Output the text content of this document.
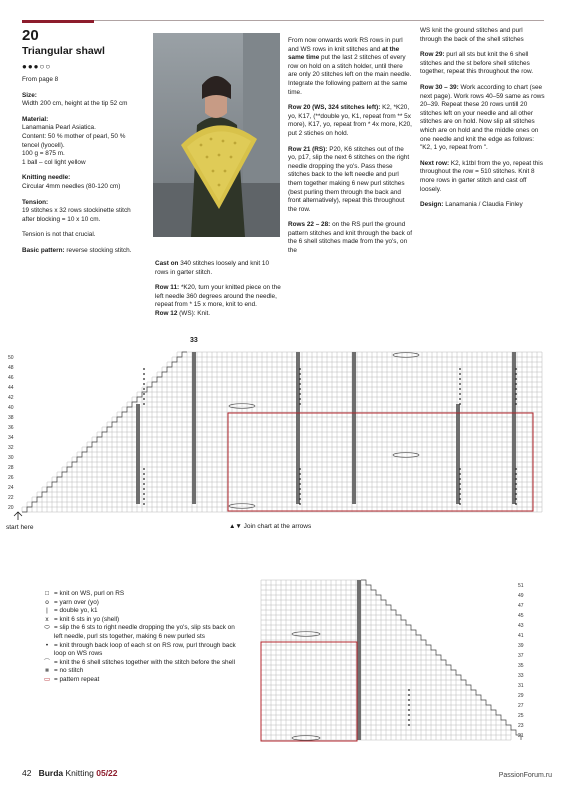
20
Triangular shawl
●●●○○

From page 8

Size:

Width 200 cm, height at the tip 52 cm

Material:
Lanamania Pearl Asiatica.
Content: 50 % mother of pearl, 50 % tencel (lyocell).
100 g = 875 m.

1 ball – col light yellow

Knitting needle:

Circular 4mm needles (80-120 cm)

Tension:

19 stitches x 32 rows stockinette stitch after blocking = 10 x 10 cm.

Tension is not that crucial.

Basic pattern: reverse stocking stitch.

Cast on 340 stitches loosely and knit 10 rows in garter stitch.

Row 11: *K20, turn your knitted piece on the left needle 360 degrees around the needle, repeat from * 15 x more, knit to end.
Row 12 (WS): Knit.

From now onwards work RS rows in purl and WS rows in knit stitches and at the same time put the last 2 stitches of every row on hold on a stitch holder, until there are only 20 stitches left on the main needle. Integrate the following pattern at the same time.

Row 20 (WS, 324 stitches left): K2, *K20, yo, K17, (**double yo, K1, repeat from ** 5x more), K17, yo, repeat from * 4x more, K20, put 2 stiches on hold.

Row 21 (RS): P20, K6 stitches out of the yo, p17, slip the next 6 stitches on the right needle dropping the yo's. Pass these stitches back to the left needle and purl them together making 6 new purl stitches (best purling them through the back and front alternatively), repeat this throughout the row.

Rows 22 – 28: on the RS purl the ground pattern stitches and knit through the back of the 6 shell stitches made from the yo's, on the

WS knit the ground stitches and purl through the back of the shell stitches

Row 29: purl all sts but knit the 6 shell stitches and the st before shell stitches together, repeat this throughout the row.

Row 30 – 39: Work according to chart (see next page). Work rows 40–59 same as rows 20–39. Repeat these 20 rows untill 20 stitches left on your needle and all other stitches are on hold. Now slip all stitches which are on hold and the middle ones on one needle and knit the edge as follows: "K2, 1 yo, repeat from ".

Next row: K2, k1tbl from the yo, repeat this throughout the row = 510 stitches. Knit 8 more rows in garter stitch and cast off loosely.

Design: Lanamania / Claudia Finley

33
50
48
46
44
42
40
38
36
34
32
30
28
26
24
22
20
start here	▲▼ Join chart at the arrows
□ = knit on WS, purl on RS
o = yarn over (yo)
| = double yo, k1
x = knit 6 sts in yo (shell)
⬭ = slip the 6 sts to right needle dropping the yo's, slip sts back on left needle, purl sts together, making 6 new purled sts
• = knit through back loop of each st on RS row, purl through back loop on WS rows
⌒ = knit the 6 shell stitches together with the stitch before the shell
■ = no stitch
▭ = pattern repeat
51
49
47
45
43
41
39
37
35
33
31
29
27
25
23
21
42 Burda Knitting 05/22	PassionForum.ru
